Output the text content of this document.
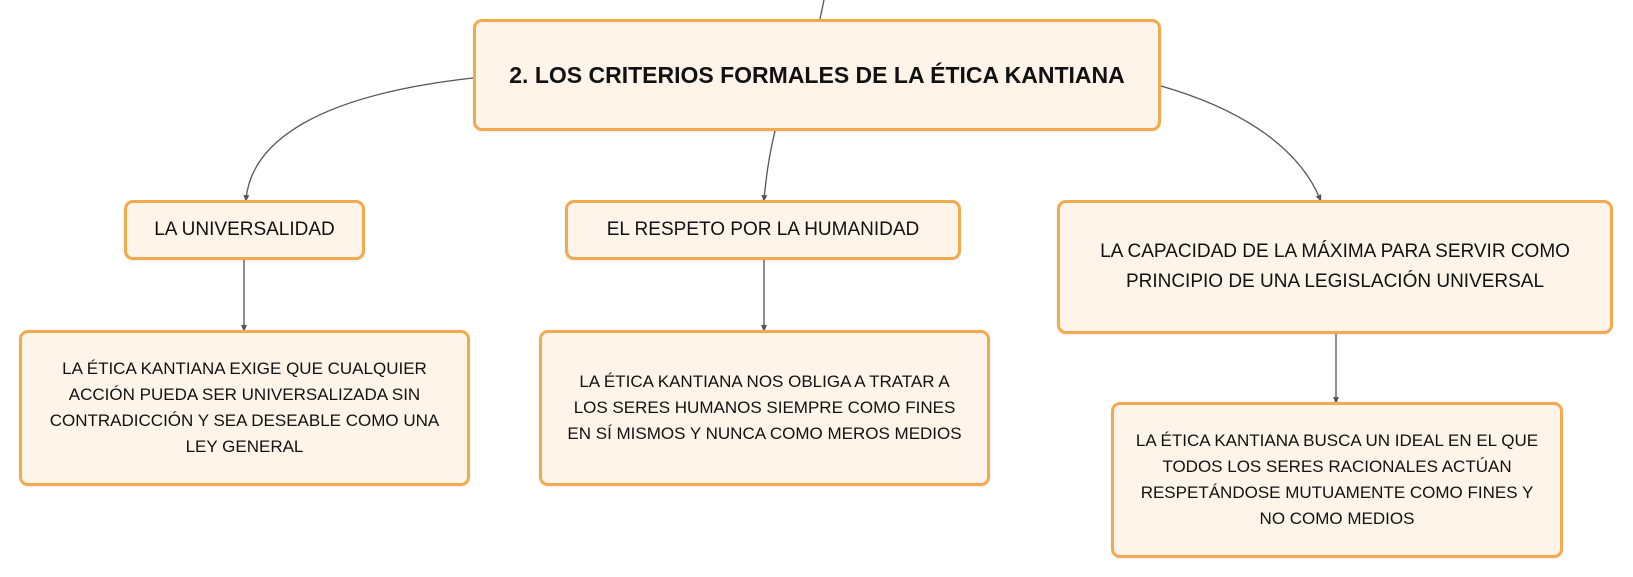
2. LOS CRITERIOS FORMALES DE LA ÉTICA KANTIANA
LA UNIVERSALIDAD	EL RESPETO POR LA HUMANIDAD
LA CAPACIDAD DE LA MÁXIMA PARA SERVIR COMO PRINCIPIO DE UNA LEGISLACIÓN UNIVERSAL
LA ÉTICA KANTIANA EXIGE QUE CUALQUIER ACCIÓN PUEDA SER UNIVERSALIZADA SIN CONTRADICCIÓN Y SEA DESEABLE COMO UNA LEY GENERAL
LA ÉTICA KANTIANA NOS OBLIGA A TRATAR A LOS SERES HUMANOS SIEMPRE COMO FINES EN SÍ MISMOS Y NUNCA COMO MEROS MEDIOS	LA ÉTICA KANTIANA BUSCA UN IDEAL EN EL QUE TODOS LOS SERES RACIONALES ACTÚAN RESPETÁNDOSE MUTUAMENTE COMO FINES Y NO COMO MEDIOS
